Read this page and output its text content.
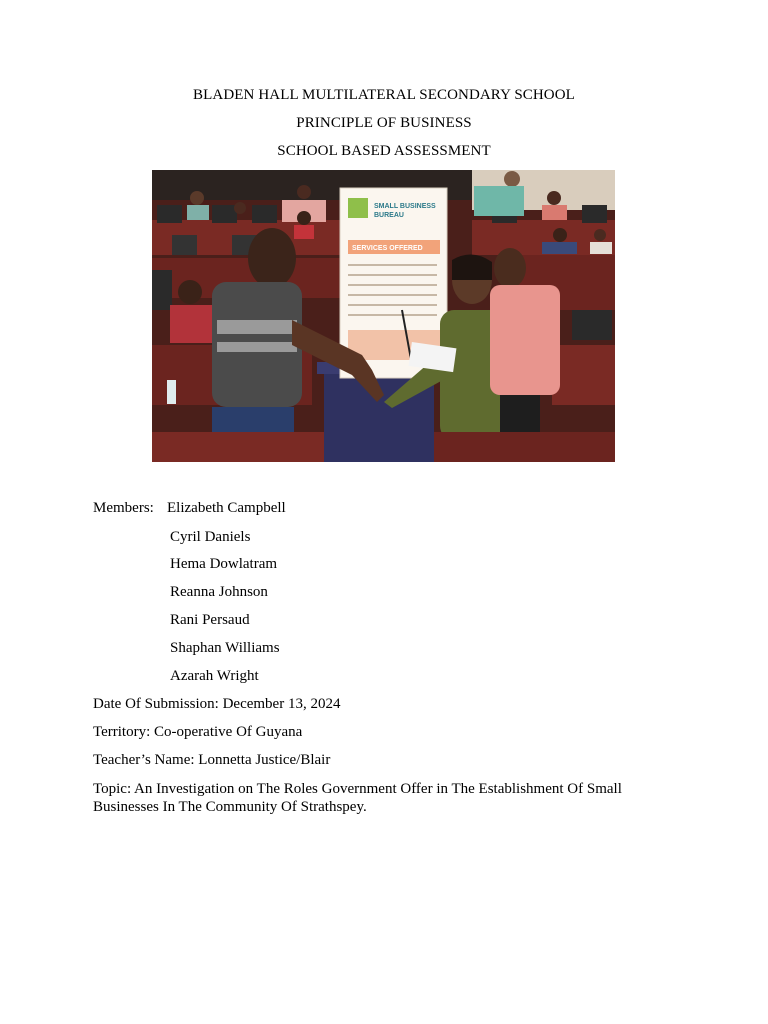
BLADEN HALL MULTILATERAL SECONDARY SCHOOL
PRINCIPLE OF BUSINESS
SCHOOL BASED ASSESSMENT
SMALL BUSINESS
BUREAU
SERVICES OFFERED
Members: Elizabeth Campbell
Cyril Daniels
Hema Dowlatram
Reanna Johnson
Rani Persaud
Shaphan Williams
Azarah Wright
Date Of Submission: December 13, 2024
Territory: Co-operative Of Guyana
Teacher’s Name: Lonnetta Justice/Blair
Topic: An Investigation on The Roles Government Offer in The Establishment Of Small Businesses In The Community Of Strathspey.
